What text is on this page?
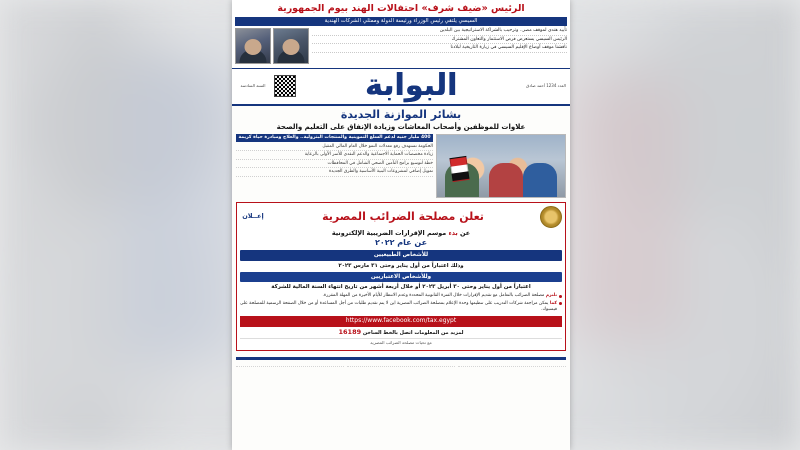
الرئيس «ضيف شرف» احتفالات الهند بيوم الجمهورية
السيسي يلتقي رئيس الوزراء ورئيسة الدولة وممثلي الشركات الهندية
تأييد هندي لموقف مصر.. وترحيب بالشراكة الاستراتيجية بين البلدين
الرئيس السيسي يستعرض فرص الاستثمار والتعاون المشترك
ناقشنا موقف أوضاع الإقليم السيسي في زيارة التاريخية لبلادنا
العدد 1234 أحمد صادق
البوابة
السنة السادسة
بشائر الموازنة الجديدة
علاوات للموظفين وأصحاب المعاشات وزيادة الإنفاق على التعليم والصحة
400 مليار جنيه لدعم السلع التموينية والمنتجات البترولية.. والعلاج ومبادرة حياة كريمة
الحكومة تستهدف رفع معدلات النمو خلال العام المالي المقبل
زيادة مخصصات الحماية الاجتماعية والدعم النقدي للأسر الأولى بالرعاية
خطة لتوسيع برامج التأمين الصحي الشامل في المحافظات
تمويل إضافي لمشروعات البنية الأساسية والطرق الجديدة
تعلن مصلحة الضرائب المصرية
إعــلان
عن بدء موسم الإقرارات الضريبية الإلكترونية
عن عام ٢٠٢٢
للأشخاص الطبيعيين
وذلك اعتباراً من أول يناير وحتى ٣١ مارس ٢٠٢٣
وللأشخاص الاعتباريين
اعتباراً من أول يناير وحتى ٣٠ أبريل ٢٠٢٣ أو خلال أربعة أشهر من تاريخ انتهاء السنة المالية للشركة
تلتزم مصلحة الضرائب بالتعامل مع تقديم الإقرارات خلال الفترة القانونية المحددة وعدم الانتظار للأيام الأخيرة من المهلة المقررة.
كما يمكن مراجعة شركات التدريب على تنظيمها وحدة الإعلام بمصلحة الضرائب المصرية اين لا يتم تقديم طلبات من أجل المساعدة أو من خلال الصفحة الرسمية للمصلحة على فيسبوك.
https://www.facebook.com/tax.egypt
لمزيد من المعلومات اتصل بالخط الساخن 16189
مع تحيات مصلحة الضرائب المصرية
